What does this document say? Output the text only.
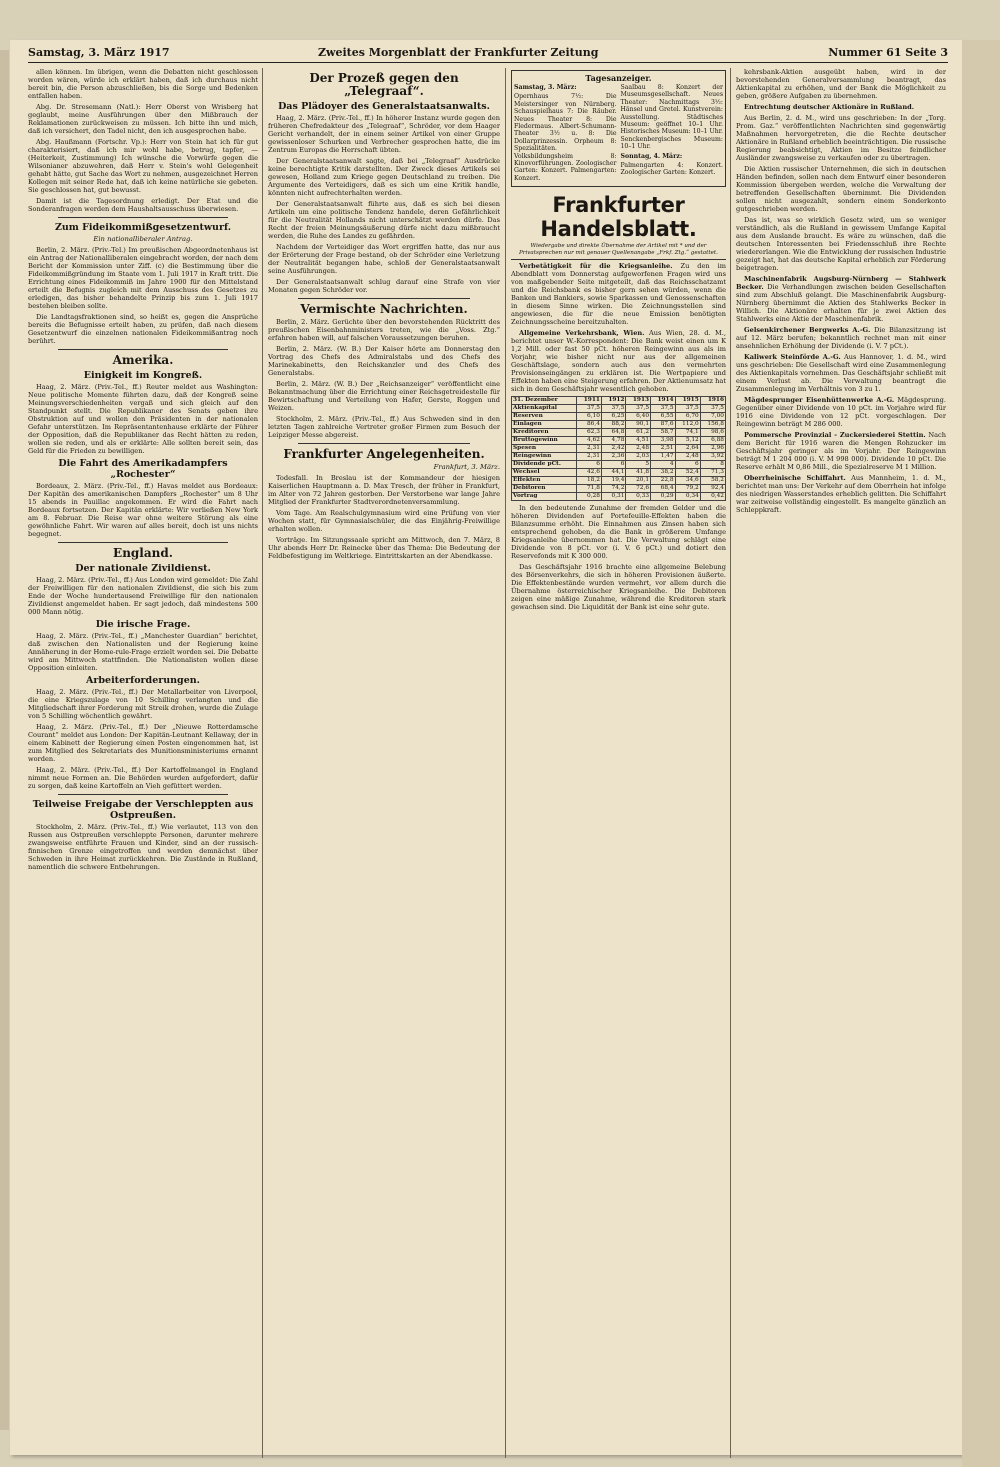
Samstag, 3. März 1917	Zweites Morgenblatt der Frankfurter Zeitung	Nummer 61 Seite 3

allen können. Im übrigen, wenn die Debatten nicht geschlossen worden wären, würde ich erklärt haben, daß ich durchaus nicht bereit bin, die Person abzuschließen, bis die Sorge und Bedenken entfallen haben.

Abg. Dr. Stresemann (Natl.): Herr Oberst von Wrisberg hat geglaubt, meine Ausführungen über den Mißbrauch der Reklamationen zurückweisen zu müssen. Ich bitte ihn und mich, daß ich versichert, den Tadel nicht, den ich ausgesprochen habe.

Abg. Haußmann (Fortschr. Vp.): Herr von Stein hat ich für gut charakterisiert, daß ich mir wohl habe, betrug, tapfer, — (Heiterkeit, Zustimmung) Ich wünsche die Vorwürfe gegen die Wilsonianer abzuwehren, daß Herr v. Stein's wohl Gelegenheit gehabt hätte, gut Sache das Wort zu nehmen, ausgezeichnet Herren Kollegen mit seiner Rede hat, daß ich keine natürliche sie gebeten. Sie geschlossen hat, gut bewusst.

Damit ist die Tagesordnung erledigt. Der Etat und die Sonderanfragen werden dem Haushaltsausschuss überwiesen.

Zum Fideikommißgesetzentwurf.
Ein nationalliberaler Antrag.

Berlin, 2. März. (Priv.-Tel.) Im preußischen Abgeordnetenhaus ist ein Antrag der Nationalliberalen eingebracht worden, der nach dem Bericht der Kommission unter Ziff. (c) die Bestimmung über die Fideikommißgründung im Staate vom 1. Juli 1917 in Kraft tritt. Die Errichtung eines Fideikommiß im Jahre 1900 für den Mittelstand erteilt die Befugnis zugleich mit dem Ausschuss des Gesetzes zu erledigen, das bisher behandelte Prinzip bis zum 1. Juli 1917 bestehen bleiben sollte.

Die Landtagsfraktionen sind, so heißt es, gegen die Ansprüche bereits die Befugnisse erteilt haben, zu prüfen, daß nach diesem Gesetzentwurf die einzelnen nationalen Fideikommißantrag noch berührt.

Amerika.
Einigkeit im Kongreß.

Haag, 2. März. (Priv.-Tel., ff.) Reuter meldet aus Washington: Neue politische Momente führten dazu, daß der Kongreß seine Meinungsverschiedenheiten vergaß und sich gleich auf den Standpunkt stellt. Die Republikaner des Senats geben ihre Obstruktion auf und wollen den Präsidenten in der nationalen Gefahr unterstützen. Im Repräsentantenhause erklärte der Führer der Opposition, daß die Republikaner das Recht hätten zu reden, wollen sie reden, und als er erklärte: Alle sollten bereit sein, das Geld für die Frieden zu bewilligen.

Die Fahrt des Amerikadampfers „Rochester“

Bordeaux, 2. März. (Priv.-Tel., ff.) Havas meldet aus Bordeaux: Der Kapitän des amerikanischen Dampfers „Rochester“ um 8 Uhr 15 abends in Pauillac angekommen. Er wird die Fahrt nach Bordeaux fortsetzen. Der Kapitän erklärte: Wir verließen New York am 8. Februar. Die Reise war ohne weitere Störung als eine gewöhnliche Fahrt. Wir waren auf alles bereit, doch ist uns nichts begegnet.

England.
Der nationale Zivildienst.

Haag, 2. März. (Priv.-Tel., ff.) Aus London wird gemeldet: Die Zahl der Freiwilligen für den nationalen Zivildienst, die sich bis zum Ende der Woche hundertausend Freiwillige für den nationalen Zivildienst angemeldet haben. Er sagt jedoch, daß mindestens 500 000 Mann nötig.

Die irische Frage.

Haag, 2. März. (Priv.-Tel., ff.) „Manchester Guardian“ berichtet, daß zwischen den Nationalisten und der Regierung keine Annäherung in der Home-rule-Frage erzielt worden sei. Die Debatte wird am Mittwoch stattfinden. Die Nationalisten wollen diese Opposition einleiten.

Arbeiterforderungen.

Haag, 2. März. (Priv.-Tel., ff.) Der Metallarbeiter von Liverpool, die eine Kriegszulage von 10 Schilling verlangten und die Mitgliedschaft ihrer Forderung mit Streik drohen, wurde die Zulage von 5 Schilling wöchentlich gewährt.

Haag, 2. März. (Priv.-Tel., ff.) Der „Nieuwe Rotterdamsche Courant“ meldet aus London: Der Kapitän-Leutnant Kellaway, der in einem Kabinett der Regierung einen Posten eingenommen hat, ist zum Mitglied des Sekretariats des Munitionsministeriums ernannt worden.

Haag, 2. März. (Priv.-Tel., ff.) Der Kartoffelmangel in England nimmt neue Formen an. Die Behörden wurden aufgefordert, dafür zu sorgen, daß keine Kartoffeln an Vieh gefüttert werden.

Teilweise Freigabe der Verschleppten aus Ostpreußen.

Stockholm, 2. März. (Priv.-Tel., ff.) Wie verlautet, 113 von den Russen aus Ostpreußen verschleppte Personen, darunter mehrere zwangsweise entführte Frauen und Kinder, sind an der russisch-finnischen Grenze eingetroffen und werden demnächst über Schweden in ihre Heimat zurückkehren. Die Zustände in Rußland, namentlich die schwere Entbehrungen.

Der Prozeß gegen den „Telegraaf“.
Das Plädoyer des Generalstaatsanwalts.

Haag, 2. März. (Priv.-Tel., ff.) In höherer Instanz wurde gegen den früheren Chefredakteur des „Telegraaf“, Schröder, vor dem Haager Gericht verhandelt, der in einem seiner Artikel von einer Gruppe gewissenloser Schurken und Verbrecher gesprochen hatte, die im Zentrum Europas die Herrschaft übten.

Der Generalstaatsanwalt sagte, daß bei „Telegraaf“ Ausdrücke keine berechtigte Kritik darstellten. Der Zweck dieses Artikels sei gewesen, Holland zum Kriege gegen Deutschland zu treiben. Die Argumente des Verteidigers, daß es sich um eine Kritik handle, könnten nicht aufrechterhalten werden.

Der Generalstaatsanwalt führte aus, daß es sich bei diesen Artikeln um eine politische Tendenz handele, deren Gefährlichkeit für die Neutralität Hollands nicht unterschätzt werden dürfe. Das Recht der freien Meinungsäußerung dürfe nicht dazu mißbraucht werden, die Ruhe des Landes zu gefährden.

Nachdem der Verteidiger das Wort ergriffen hatte, das nur aus der Erörterung der Frage bestand, ob der Schröder eine Verletzung der Neutralität begangen habe, schloß der Generalstaatsanwalt seine Ausführungen.

Der Generalstaatsanwalt schlug darauf eine Strafe von vier Monaten gegen Schröder vor.

Vermischte Nachrichten.

Berlin, 2. März. Gerüchte über den bevorstehenden Rücktritt des preußischen Eisenbahnministers treten, wie die „Voss. Ztg.“ erfahren haben will, auf falschen Voraussetzungen beruhen.

Berlin, 2. März. (W. B.) Der Kaiser hörte am Donnerstag den Vortrag des Chefs des Admiralstabs und des Chefs des Marinekabinetts, den Reichskanzler und des Chefs des Generalstabs.

Berlin, 2. März. (W. B.) Der „Reichsanzeiger“ veröffentlicht eine Bekanntmachung über die Errichtung einer Reichsgetreidestelle für Bewirtschaftung und Verteilung von Hafer, Gerste, Roggen und Weizen.

Stockholm, 2. März. (Priv.-Tel., ff.) Aus Schweden sind in den letzten Tagen zahlreiche Vertreter großer Firmen zum Besuch der Leipziger Messe abgereist.

Frankfurter Angelegenheiten.
Frankfurt, 3. März.

Todesfall. In Breslau ist der Kommandeur der hiesigen Kaiserlichen Hauptmann a. D. Max Tresch, der früher in Frankfurt, im Alter von 72 Jahren gestorben. Der Verstorbene war lange Jahre Mitglied der Frankfurter Stadtverordnetenversammlung.

Vom Tage. Am Realschulgymnasium wird eine Prüfung von vier Wochen statt, für Gymnasialschüler, die das Einjährig-Freiwillige erhalten wollen.

Vorträge. Im Sitzungssaale spricht am Mittwoch, den 7. März, 8 Uhr abends Herr Dr. Reinecke über das Thema: Die Bedeutung der Feldbefestigung im Weltkriege. Eintrittskarten an der Abendkasse.

Tagesanzeiger.

Samstag, 3. März:

Opernhaus 7½: Die Meistersinger von Nürnberg. Schauspielhaus 7: Die Räuber. Neues Theater 8: Die Fledermaus. Albert-Schumann-Theater 3½ u. 8: Die Dollarprinzessin. Orpheum 8: Spezialitäten. Volksbildungsheim 8: Kinovorführungen. Zoologischer Garten: Konzert. Palmengarten: Konzert.

Saalbau 8: Konzert der Museumsgesellschaft. Neues Theater: Nachmittags 3½: Hänsel und Gretel. Kunstverein: Ausstellung. Städtisches Museum: geöffnet 10–1 Uhr. Historisches Museum: 10–1 Uhr. Senckenbergisches Museum: 10–1 Uhr.

Sonntag, 4. März:

Palmengarten 4: Konzert. Zoologischer Garten: Konzert.

Frankfurter Handelsblatt.
Wiedergabe und direkte Übernahme der Artikel mit * und der Privatsprechen nur mit genauer Quellenangabe „Frkf. Ztg.“ gestattet.

Verbetätigkeit für die Kriegsanleihe. Zu den im Abendblatt vom Donnerstag aufgeworfenen Fragen wird uns von maßgebender Seite mitgeteilt, daß das Reichsschatzamt und die Reichsbank es bisher gern sehen würden, wenn die Banken und Bankiers, sowie Sparkassen und Genossenschaften in diesem Sinne wirken. Die Zeichnungsstellen sind angewiesen, die für die neue Emission benötigten Zeichnungsscheine bereitzuhalten.

Allgemeine Verkehrsbank, Wien. Aus Wien, 28. d. M., berichtet unser W.-Korrespondent: Die Bank weist einen um K 1,2 Mill. oder fast 50 pCt. höheren Reingewinn aus als im Vorjahr, wie bisher nicht nur aus der allgemeinen Geschäftslage, sondern auch aus den vermehrten Provisionseingängen zu erklären ist. Die Wertpapiere und Effekten haben eine Steigerung erfahren. Der Aktienumsatz hat sich in dem Geschäftsjahr wesentlich gehoben.

31. Dezember	1911	1912	1913	1914	1915	1916
Aktienkapital	37,5	37,5	37,5	37,5	37,5	37,5
Reserven	6,10	6,25	6,40	6,55	6,70	7,00
Einlagen	86,4	88,2	90,1	87,6	112,0	156,8
Kreditoren	62,3	64,8	61,2	58,7	74,1	98,6
Bruttogewinn	4,62	4,78	4,51	3,98	5,12	6,88
Spesen	2,31	2,42	2,48	2,51	2,64	2,96
Reingewinn	2,31	2,36	2,03	1,47	2,48	3,92
Dividende pCt.	6	6	5	4	6	8
Wechsel	42,6	44,1	41,8	38,2	52,4	71,3
Effekten	18,2	19,4	20,1	22,8	34,6	58,2
Debitoren	71,8	74,2	72,6	68,4	79,2	92,4
Vortrag	0,28	0,31	0,33	0,29	0,34	0,42

In den bedeutende Zunahme der fremden Gelder und die höheren Dividenden auf Portefeuille-Effekten haben die Bilanzsumme erhöht. Die Einnahmen aus Zinsen haben sich entsprechend gehoben, da die Bank in größerem Umfange Kriegsanleihe übernommen hat. Die Verwaltung schlägt eine Dividende von 8 pCt. vor (i. V. 6 pCt.) und dotiert den Reservefonds mit K 300 000.

Das Geschäftsjahr 1916 brachte eine allgemeine Belebung des Börsenverkehrs, die sich in höheren Provisionen äußerte. Die Effektenbestände wurden vermehrt, vor allem durch die Übernahme österreichischer Kriegsanleihe. Die Debitoren zeigen eine mäßige Zunahme, während die Kreditoren stark gewachsen sind. Die Liquidität der Bank ist eine sehr gute.

kehrsbank-Aktien ausgeübt haben, wird in der bevorstehenden Generalversammlung beantragt, das Aktienkapital zu erhöhen, und der Bank die Möglichkeit zu geben, größere Aufgaben zu übernehmen.

Entrechtung deutscher Aktionäre in Rußland.

Aus Berlin, 2. d. M., wird uns geschrieben: In der „Torg. Prom. Gaz.“ veröffentlichten Nachrichten sind gegenwärtig Maßnahmen hervorgetreten, die die Rechte deutscher Aktionäre in Rußland erheblich beeinträchtigen. Die russische Regierung beabsichtigt, Aktien im Besitze feindlicher Ausländer zwangsweise zu verkaufen oder zu übertragen.

Die Aktien russischer Unternehmen, die sich in deutschen Händen befinden, sollen nach dem Entwurf einer besonderen Kommission übergeben werden, welche die Verwaltung der betreffenden Gesellschaften übernimmt. Die Dividenden sollen nicht ausgezahlt, sondern einem Sonderkonto gutgeschrieben werden.

Das ist, was so wirklich Gesetz wird, um so weniger verständlich, als die Rußland in gewissem Umfange Kapital aus dem Auslande braucht. Es wäre zu wünschen, daß die deutschen Interessenten bei Friedensschluß ihre Rechte wiedererlangen. Wie die Entwicklung der russischen Industrie gezeigt hat, hat das deutsche Kapital erheblich zur Förderung beigetragen.

Maschinenfabrik Augsburg-Nürnberg — Stahlwerk Becker. Die Verhandlungen zwischen beiden Gesellschaften sind zum Abschluß gelangt. Die Maschinenfabrik Augsburg-Nürnberg übernimmt die Aktien des Stahlwerks Becker in Willich. Die Aktionäre erhalten für je zwei Aktien des Stahlwerks eine Aktie der Maschinenfabrik.

Gelsenkirchener Bergwerks A.-G. Die Bilanzsitzung ist auf 12. März berufen; bekanntlich rechnet man mit einer ansehnlichen Erhöhung der Dividende (i. V. 7 pCt.).

Kaliwerk Steinförde A.-G. Aus Hannover, 1. d. M., wird uns geschrieben: Die Gesellschaft wird eine Zusammenlegung des Aktienkapitals vornehmen. Das Geschäftsjahr schließt mit einem Verlust ab. Die Verwaltung beantragt die Zusammenlegung im Verhältnis von 3 zu 1.

Mägdesprunger Eisenhüttenwerke A.-G. Mägdesprung. Gegenüber einer Dividende von 10 pCt. im Vorjahre wird für 1916 eine Dividende von 12 pCt. vorgeschlagen. Der Reingewinn beträgt M 286 000.

Pommersche Provinzial - Zuckersiederei Stettin. Nach dem Bericht für 1916 waren die Mengen Rohzucker im Geschäftsjahr geringer als im Vorjahr. Der Reingewinn beträgt M 1 204 000 (i. V. M 998 000). Dividende 10 pCt. Die Reserve erhält M 0,86 Mill., die Spezialreserve M 1 Million.

Oberrheinische Schiffahrt. Aus Mannheim, 1. d. M., berichtet man uns: Der Verkehr auf dem Oberrhein hat infolge des niedrigen Wasserstandes erheblich gelitten. Die Schiffahrt war zeitweise vollständig eingestellt. Es mangelte gänzlich an Schleppkraft.
